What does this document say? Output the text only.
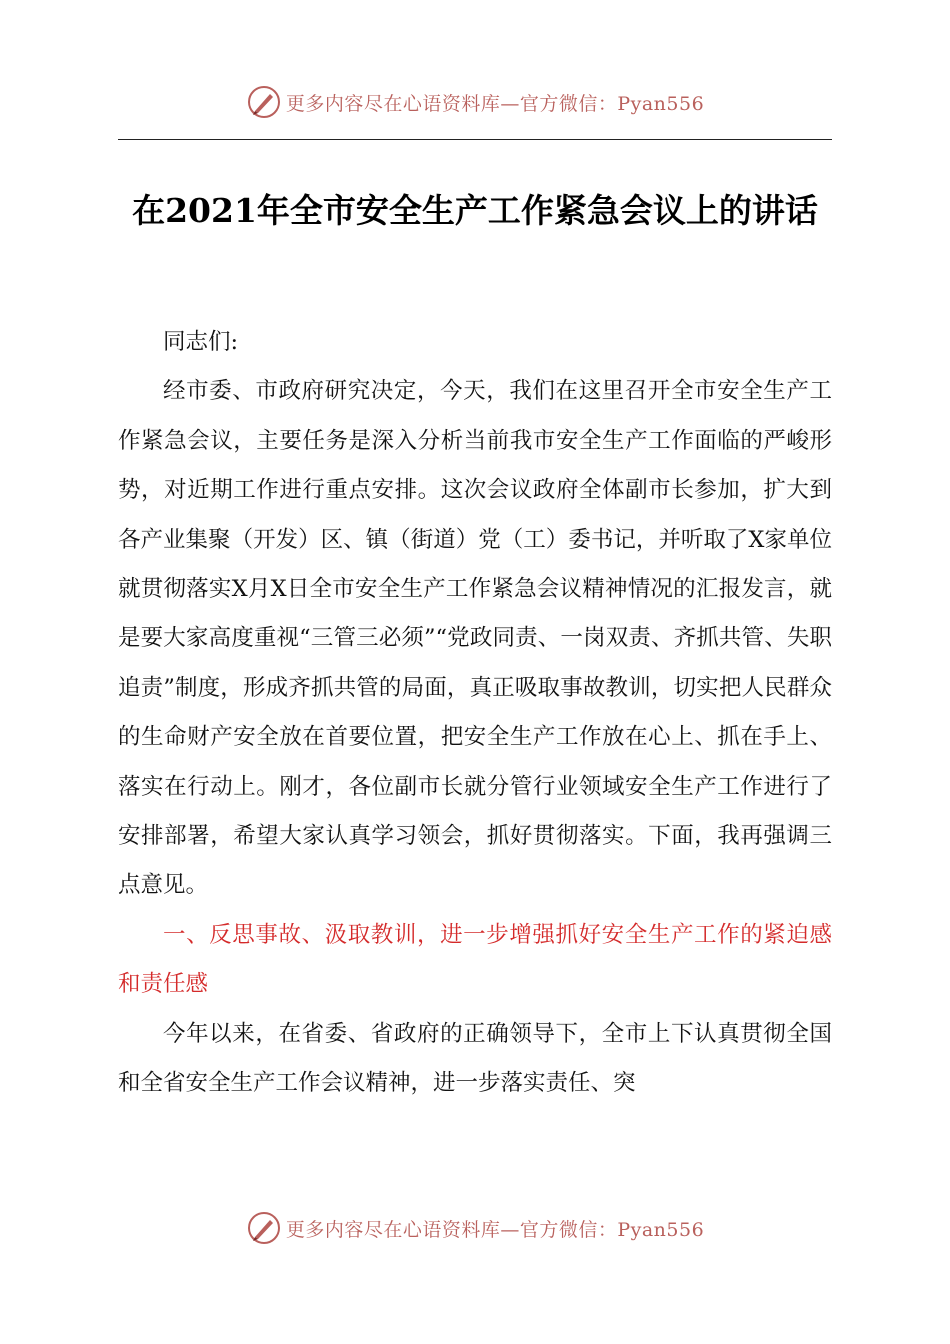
更多内容尽在心语资料库—官方微信：Pyan556
在2021年全市安全生产工作紧急会议上的讲话

同志们:

经市委、市政府研究决定，今天，我们在这里召开全市安全生产工作紧急会议，主要任务是深入分析当前我市安全生产工作面临的严峻形势，对近期工作进行重点安排。这次会议政府全体副市长参加，扩大到各产业集聚（开发）区、镇（街道）党（工）委书记，并听取了X家单位就贯彻落实X月X日全市安全生产工作紧急会议精神情况的汇报发言，就是要大家高度重视“三管三必须”“党政同责、一岗双责、齐抓共管、失职追责”制度，形成齐抓共管的局面，真正吸取事故教训，切实把人民群众的生命财产安全放在首要位置，把安全生产工作放在心上、抓在手上、落实在行动上。刚才，各位副市长就分管行业领域安全生产工作进行了安排部署，希望大家认真学习领会，抓好贯彻落实。下面，我再强调三点意见。

一、反思事故、汲取教训，进一步增强抓好安全生产工作的紧迫感和责任感

今年以来，在省委、省政府的正确领导下，全市上下认真贯彻全国和全省安全生产工作会议精神，进一步落实责任、突

更多内容尽在心语资料库—官方微信：Pyan556
